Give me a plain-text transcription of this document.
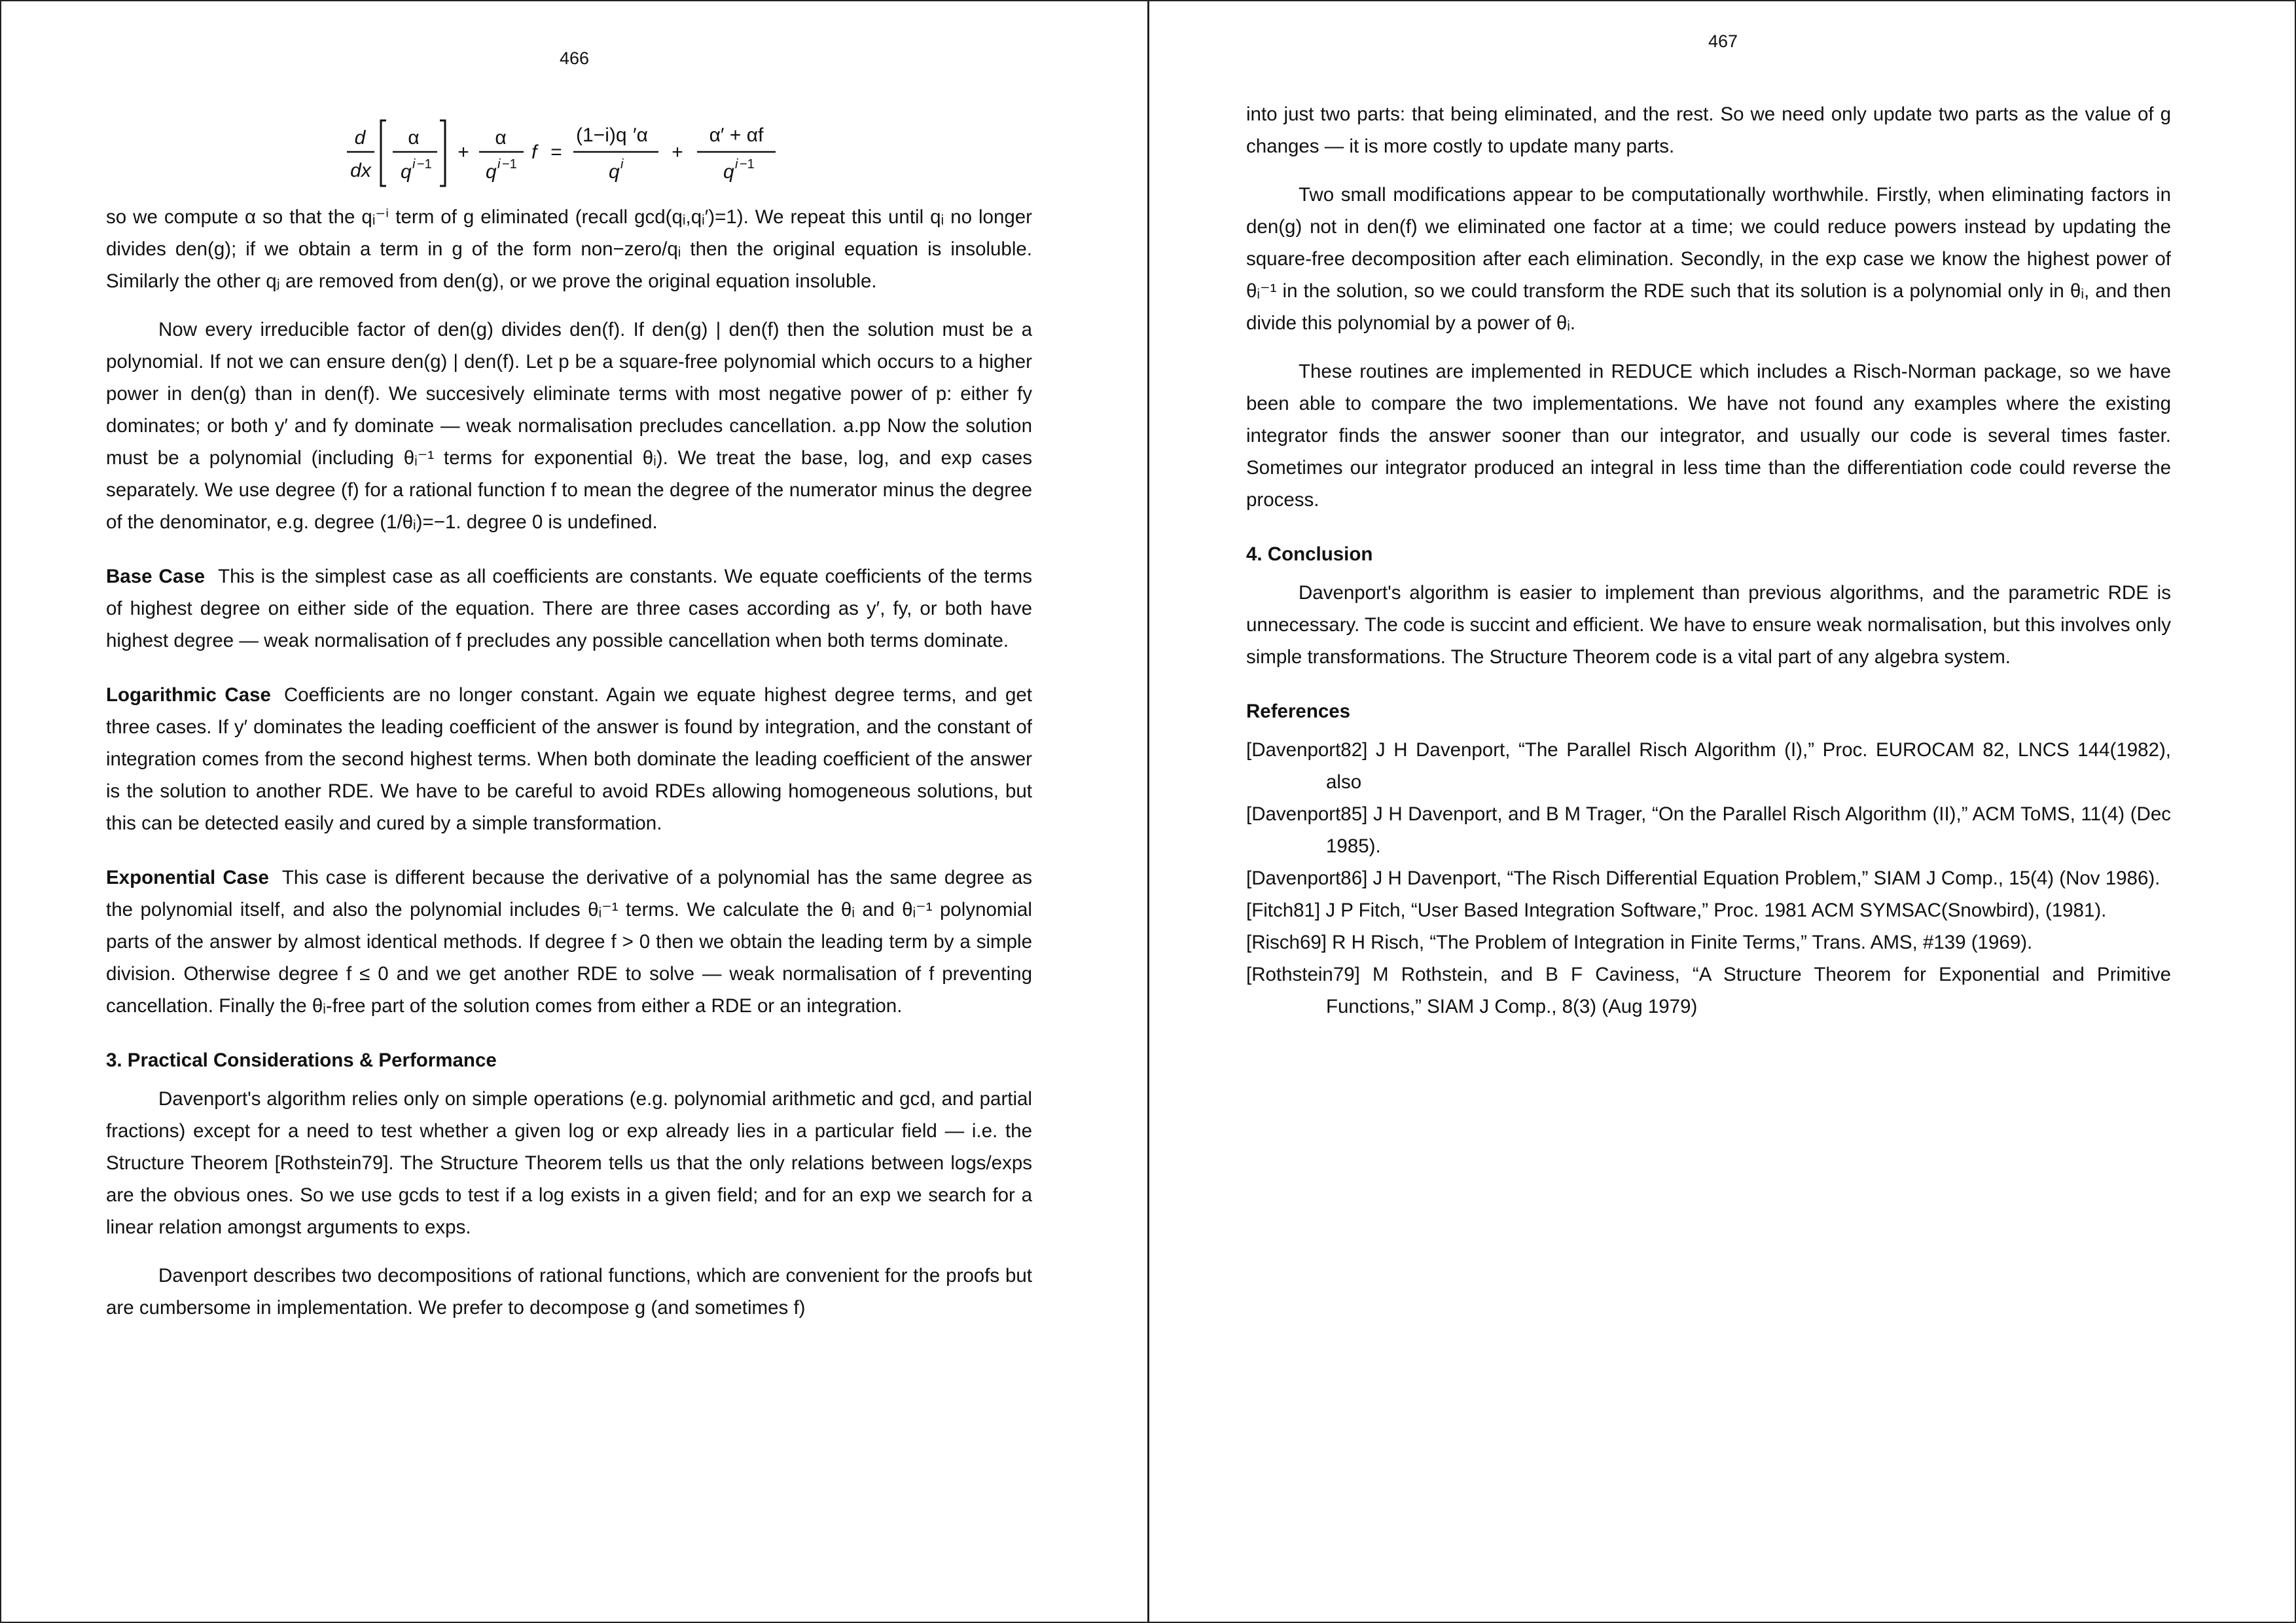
466
d
dx
α
q i −1
+
α
q i −1
f =
(1−i)q ′α
q i
+
α′ + αf
q i −1

so we compute α so that the qᵢ⁻ⁱ term of g eliminated (recall gcd(qᵢ,qᵢ′)=1). We repeat this until qᵢ no longer divides den(g); if we obtain a term in g of the form non−zero/qᵢ then the original equation is insoluble. Similarly the other qⱼ are removed from den(g), or we prove the original equation insoluble.

Now every irreducible factor of den(g) divides den(f). If den(g) | den(f) then the solution must be a polynomial. If not we can ensure den(g) | den(f). Let p be a square-free polynomial which occurs to a higher power in den(g) than in den(f). We succesively eliminate terms with most negative power of p: either fy dominates; or both y′ and fy dominate — weak normalisation precludes cancellation. a.pp Now the solution must be a polynomial (including θᵢ⁻¹ terms for exponential θᵢ). We treat the base, log, and exp cases separately. We use degree (f) for a rational function f to mean the degree of the numerator minus the degree of the denominator, e.g. degree (1/θᵢ)=−1. degree 0 is undefined.

Base Case This is the simplest case as all coefficients are constants. We equate coefficients of the terms of highest degree on either side of the equation. There are three cases according as y′, fy, or both have highest degree — weak normalisation of f precludes any possible cancellation when both terms dominate.

Logarithmic Case Coefficients are no longer constant. Again we equate highest degree terms, and get three cases. If y′ dominates the leading coefficient of the answer is found by integration, and the constant of integration comes from the second highest terms. When both dominate the leading coefficient of the answer is the solution to another RDE. We have to be careful to avoid RDEs allowing homogeneous solutions, but this can be detected easily and cured by a simple transformation.

Exponential Case This case is different because the derivative of a polynomial has the same degree as the polynomial itself, and also the polynomial includes θᵢ⁻¹ terms. We calculate the θᵢ and θᵢ⁻¹ polynomial parts of the answer by almost identical methods. If degree f > 0 then we obtain the leading term by a simple division. Otherwise degree f ≤ 0 and we get another RDE to solve — weak normalisation of f preventing cancellation. Finally the θᵢ-free part of the solution comes from either a RDE or an integration.

3. Practical Considerations & Performance

Davenport's algorithm relies only on simple operations (e.g. polynomial arithmetic and gcd, and partial fractions) except for a need to test whether a given log or exp already lies in a particular field — i.e. the Structure Theorem [Rothstein79]. The Structure Theorem tells us that the only relations between logs/exps are the obvious ones. So we use gcds to test if a log exists in a given field; and for an exp we search for a linear relation amongst arguments to exps.

Davenport describes two decompositions of rational functions, which are convenient for the proofs but are cumbersome in implementation. We prefer to decompose g (and sometimes f)

467

into just two parts: that being eliminated, and the rest. So we need only update two parts as the value of g changes — it is more costly to update many parts.

Two small modifications appear to be computationally worthwhile. Firstly, when eliminating factors in den(g) not in den(f) we eliminated one factor at a time; we could reduce powers instead by updating the square-free decomposition after each elimination. Secondly, in the exp case we know the highest power of θᵢ⁻¹ in the solution, so we could transform the RDE such that its solution is a polynomial only in θᵢ, and then divide this polynomial by a power of θᵢ.

These routines are implemented in REDUCE which includes a Risch-Norman package, so we have been able to compare the two implementations. We have not found any examples where the existing integrator finds the answer sooner than our integrator, and usually our code is several times faster. Sometimes our integrator produced an integral in less time than the differentiation code could reverse the process.

4. Conclusion

Davenport's algorithm is easier to implement than previous algorithms, and the parametric RDE is unnecessary. The code is succint and efficient. We have to ensure weak normalisation, but this involves only simple transformations. The Structure Theorem code is a vital part of any algebra system.

References

[Davenport82] J H Davenport, “The Parallel Risch Algorithm (I),” Proc. EUROCAM 82, LNCS 144(1982), also

[Davenport85] J H Davenport, and B M Trager, “On the Parallel Risch Algorithm (II),” ACM ToMS, 11(4) (Dec 1985).

[Davenport86] J H Davenport, “The Risch Differential Equation Problem,” SIAM J Comp., 15(4) (Nov 1986).

[Fitch81] J P Fitch, “User Based Integration Software,” Proc. 1981 ACM SYMSAC(Snowbird), (1981).

[Risch69] R H Risch, “The Problem of Integration in Finite Terms,” Trans. AMS, #139 (1969).

[Rothstein79] M Rothstein, and B F Caviness, “A Structure Theorem for Exponential and Primitive Functions,” SIAM J Comp., 8(3) (Aug 1979)
